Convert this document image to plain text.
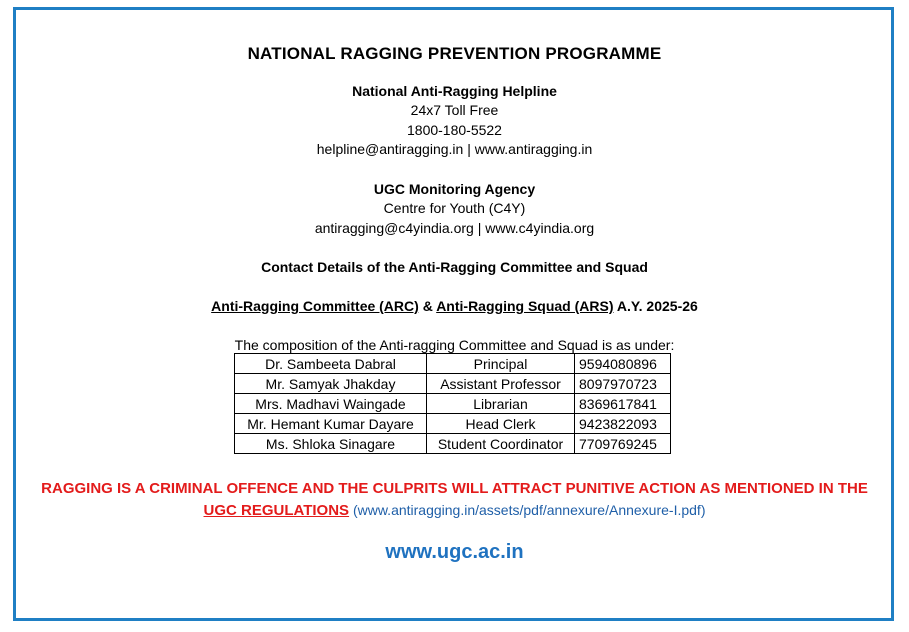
NATIONAL RAGGING PREVENTION PROGRAMME
National Anti-Ragging Helpline
24x7 Toll Free
1800-180-5522
helpline@antiragging.in | www.antiragging.in
UGC Monitoring Agency
Centre for Youth (C4Y)
antiragging@c4yindia.org | www.c4yindia.org
Contact Details of the Anti-Ragging Committee and Squad
Anti-Ragging Committee (ARC) & Anti-Ragging Squad (ARS) A.Y. 2025-26
The composition of the Anti-ragging Committee and Squad is as under:
Dr. Sambeeta Dabral	Principal	9594080896
Mr. Samyak Jhakday	Assistant Professor	8097970723
Mrs. Madhavi Waingade	Librarian	8369617841
Mr. Hemant Kumar Dayare	Head Clerk	9423822093
Ms. Shloka Sinagare	Student Coordinator	7709769245
RAGGING IS A CRIMINAL OFFENCE AND THE CULPRITS WILL ATTRACT PUNITIVE ACTION AS MENTIONED IN THE
UGC REGULATIONS (www.antiragging.in/assets/pdf/annexure/Annexure-I.pdf)
www.ugc.ac.in
